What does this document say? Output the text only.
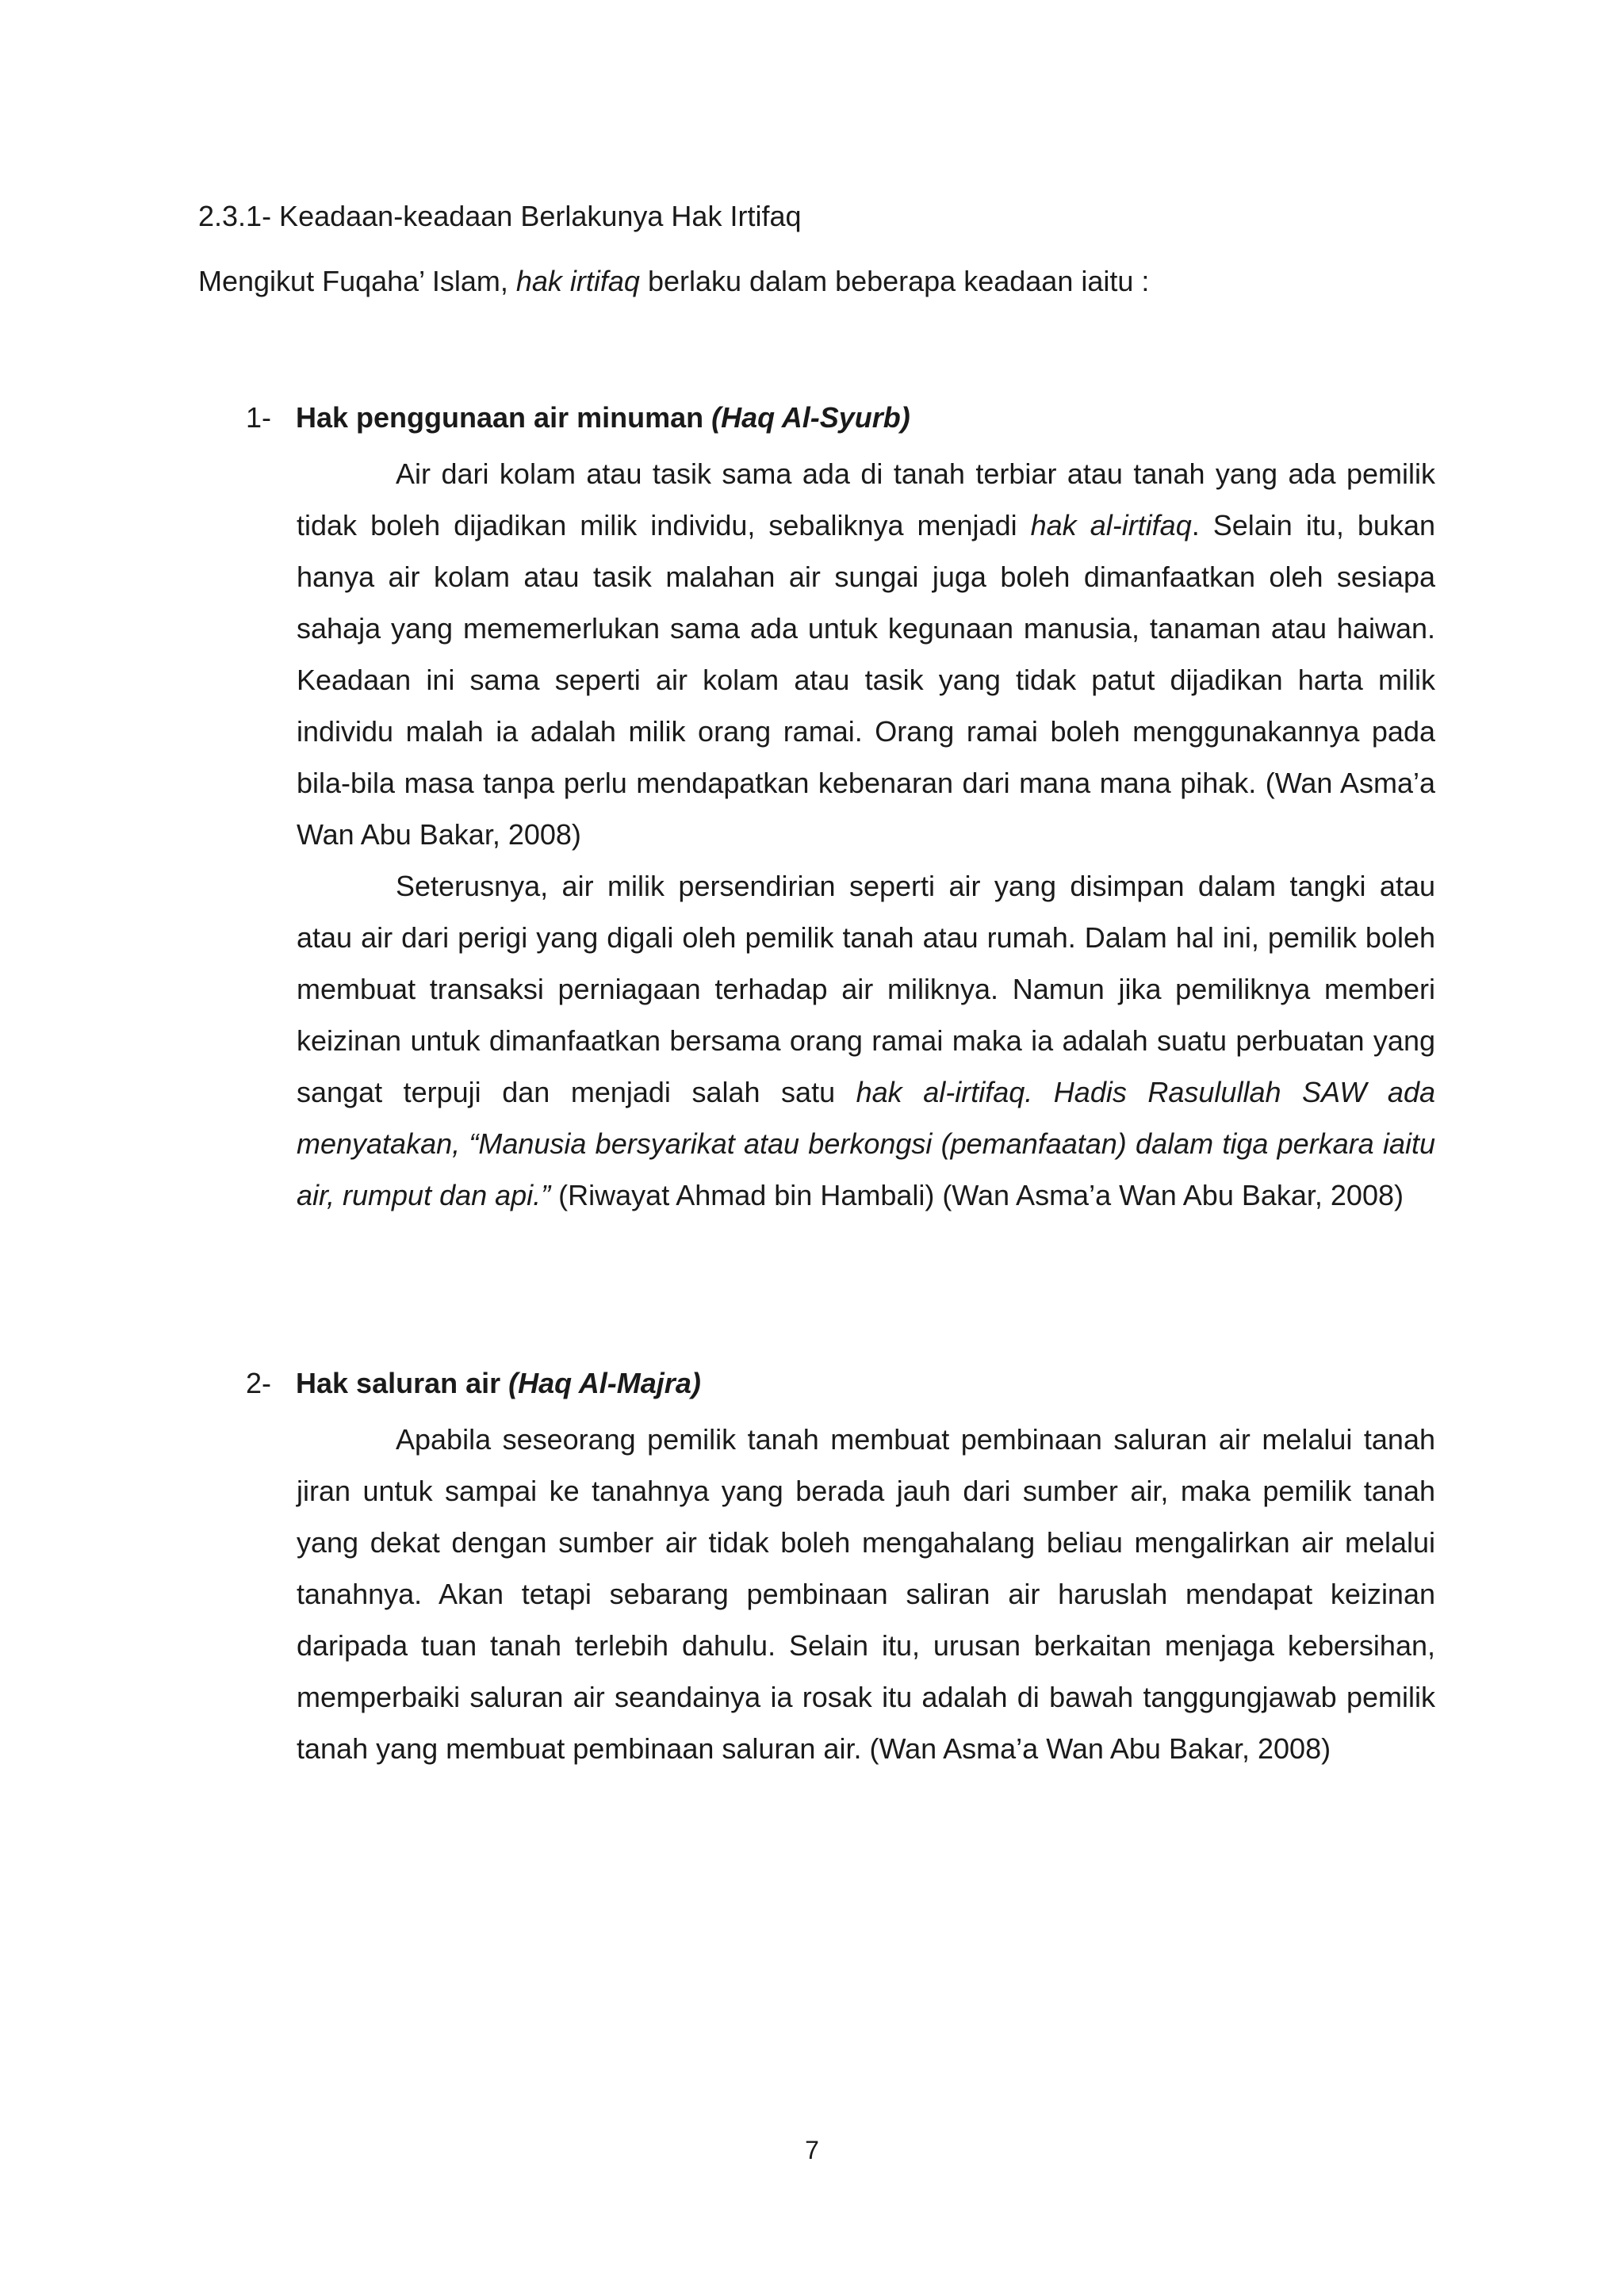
2.3.1- Keadaan-keadaan Berlakunya Hak Irtifaq
Mengikut Fuqaha’ Islam, hak irtifaq berlaku dalam beberapa keadaan iaitu :
1- Hak penggunaan air minuman (Haq Al-Syurb)

Air dari kolam atau tasik sama ada di tanah terbiar atau tanah yang ada pemilik tidak boleh dijadikan milik individu, sebaliknya menjadi hak al-irtifaq. Selain itu, bukan hanya air kolam atau tasik malahan air sungai juga boleh dimanfaatkan oleh sesiapa sahaja yang mememerlukan sama ada untuk kegunaan manusia, tanaman atau haiwan. Keadaan ini sama seperti air kolam atau tasik yang tidak patut dijadikan harta milik individu malah ia adalah milik orang ramai. Orang ramai boleh menggunakannya pada bila-bila masa tanpa perlu mendapatkan kebenaran dari mana mana pihak. (Wan Asma’a Wan Abu Bakar, 2008)

Seterusnya, air milik persendirian seperti air yang disimpan dalam tangki atau atau air dari perigi yang digali oleh pemilik tanah atau rumah. Dalam hal ini, pemilik boleh membuat transaksi perniagaan terhadap air miliknya. Namun jika pemiliknya memberi keizinan untuk dimanfaatkan bersama orang ramai maka ia adalah suatu perbuatan yang sangat terpuji dan menjadi salah satu hak al-irtifaq. Hadis Rasulullah SAW ada menyatakan, “Manusia bersyarikat atau berkongsi (pemanfaatan) dalam tiga perkara iaitu air, rumput dan api.” (Riwayat Ahmad bin Hambali) (Wan Asma’a Wan Abu Bakar, 2008)

2- Hak saluran air (Haq Al-Majra)

Apabila seseorang pemilik tanah membuat pembinaan saluran air melalui tanah jiran untuk sampai ke tanahnya yang berada jauh dari sumber air, maka pemilik tanah yang dekat dengan sumber air tidak boleh mengahalang beliau mengalirkan air melalui tanahnya. Akan tetapi sebarang pembinaan saliran air haruslah mendapat keizinan daripada tuan tanah terlebih dahulu. Selain itu, urusan berkaitan menjaga kebersihan, memperbaiki saluran air seandainya ia rosak itu adalah di bawah tanggungjawab pemilik tanah yang membuat pembinaan saluran air. (Wan Asma’a Wan Abu Bakar, 2008)

7
